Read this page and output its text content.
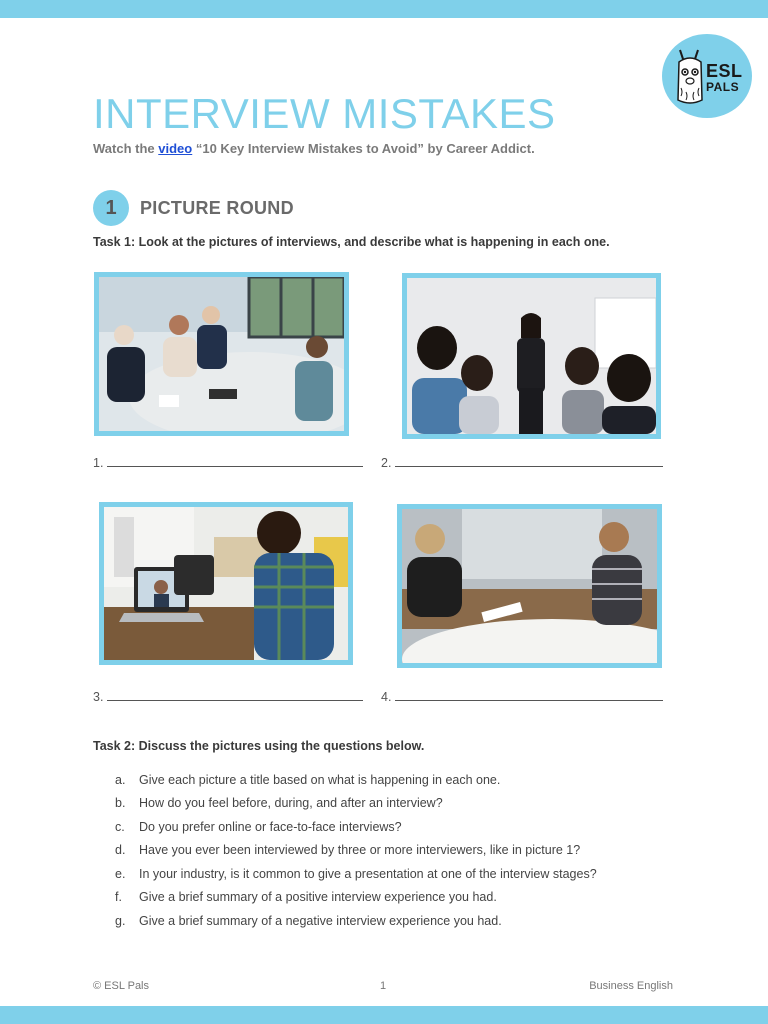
ESL
PALS
INTERVIEW MISTAKES
Watch the video “10 Key Interview Mistakes to Avoid” by Career Addict.
1	PICTURE ROUND
Task 1: Look at the pictures of interviews, and describe what is happening in each one.
1.	2.
3.	4.
Task 2: Discuss the pictures using the questions below.
a.	Give each picture a title based on what is happening in each one.
b.	How do you feel before, during, and after an interview?
c.	Do you prefer online or face-to-face interviews?
d.	Have you ever been interviewed by three or more interviewers, like in picture 1?
e.	In your industry, is it common to give a presentation at one of the interview stages?
f.	Give a brief summary of a positive interview experience you had.
g.	Give a brief summary of a negative interview experience you had.
© ESL Pals	1	Business English
